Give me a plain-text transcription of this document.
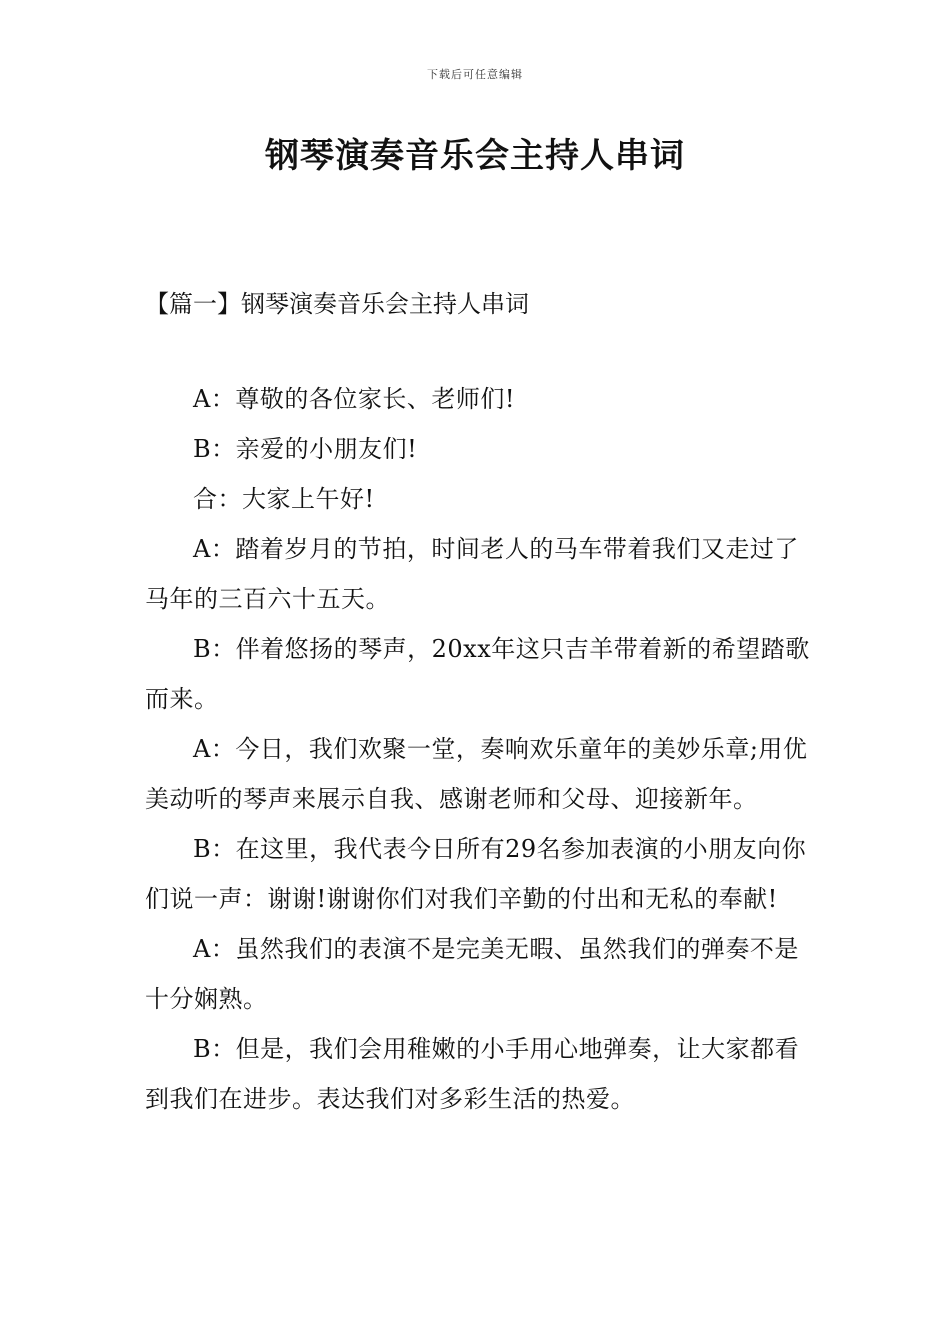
下载后可任意编辑
钢琴演奏音乐会主持人串词
【篇一】钢琴演奏音乐会主持人串词

A：尊敬的各位家长、老师们!

B：亲爱的小朋友们!

合：大家上午好!

A：踏着岁月的节拍，时间老人的马车带着我们又走过了马年的三百六十五天。

B：伴着悠扬的琴声，20xx年这只吉羊带着新的希望踏歌而来。

A：今日，我们欢聚一堂，奏响欢乐童年的美妙乐章;用优美动听的琴声来展示自我、感谢老师和父母、迎接新年。

B：在这里，我代表今日所有29名参加表演的小朋友向你们说一声：谢谢!谢谢你们对我们辛勤的付出和无私的奉献!

A：虽然我们的表演不是完美无暇、虽然我们的弹奏不是十分娴熟。

B：但是，我们会用稚嫩的小手用心地弹奏，让大家都看到我们在进步。表达我们对多彩生活的热爱。
